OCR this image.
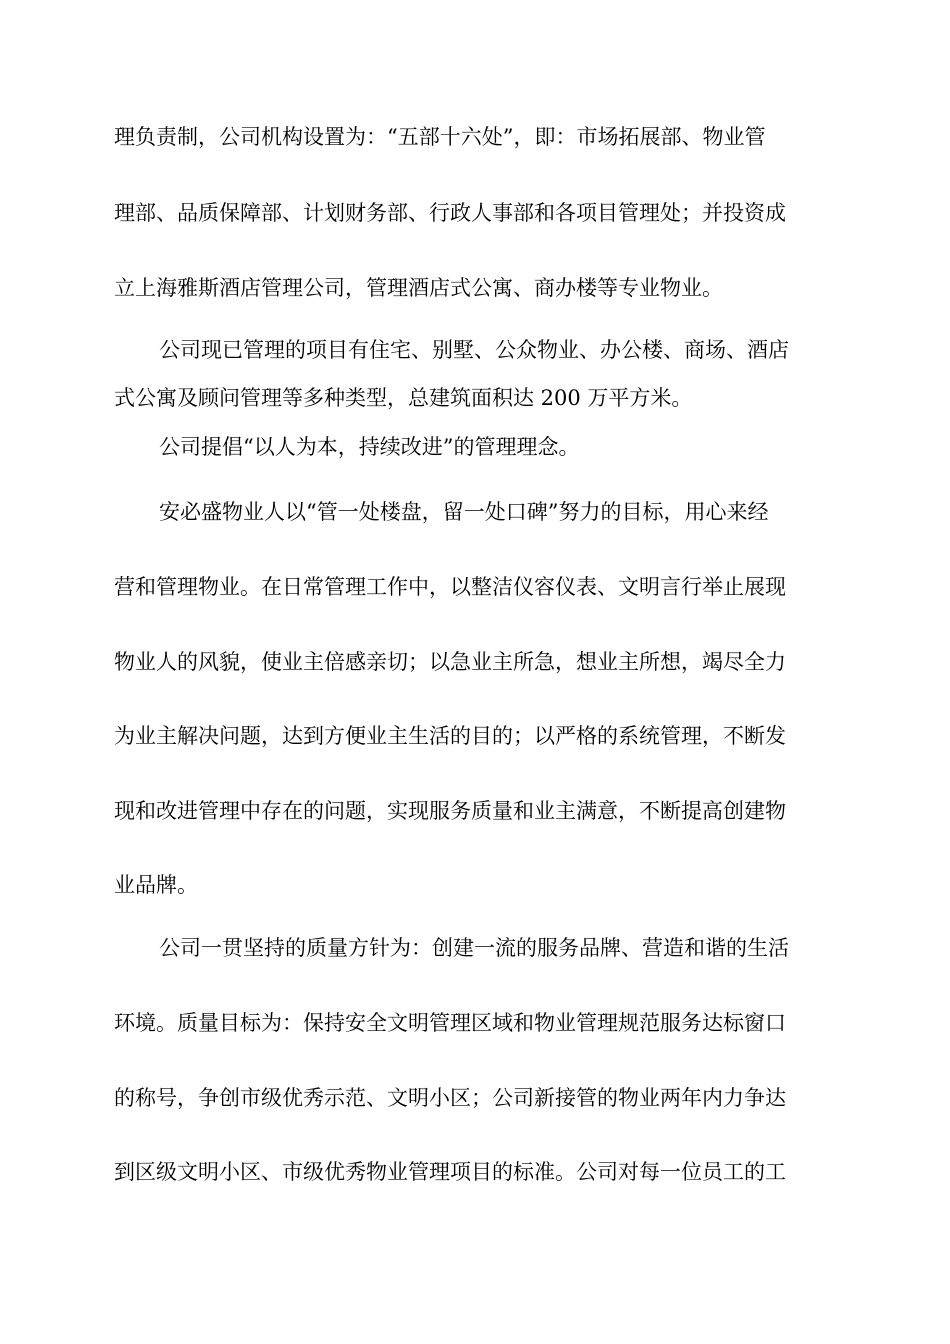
理负责制，公司机构设置为：“五部十六处”，即：市场拓展部、物业管
理部、品质保障部、计划财务部、行政人事部和各项目管理处；并投资成
立上海雅斯酒店管理公司，管理酒店式公寓、商办楼等专业物业。
公司现已管理的项目有住宅、别墅、公众物业、办公楼、商场、酒店
式公寓及顾问管理等多种类型，总建筑面积达 200 万平方米。
公司提倡“以人为本，持续改进”的管理理念。
安必盛物业人以“管一处楼盘，留一处口碑”努力的目标，用心来经
营和管理物业。在日常管理工作中，以整洁仪容仪表、文明言行举止展现
物业人的风貌，使业主倍感亲切；以急业主所急，想业主所想，竭尽全力
为业主解决问题，达到方便业主生活的目的；以严格的系统管理，不断发
现和改进管理中存在的问题，实现服务质量和业主满意，不断提高创建物
业品牌。
公司一贯坚持的质量方针为：创建一流的服务品牌、营造和谐的生活
环境。质量目标为：保持安全文明管理区域和物业管理规范服务达标窗口
的称号，争创市级优秀示范、文明小区；公司新接管的物业两年内力争达
到区级文明小区、市级优秀物业管理项目的标准。公司对每一位员工的工
